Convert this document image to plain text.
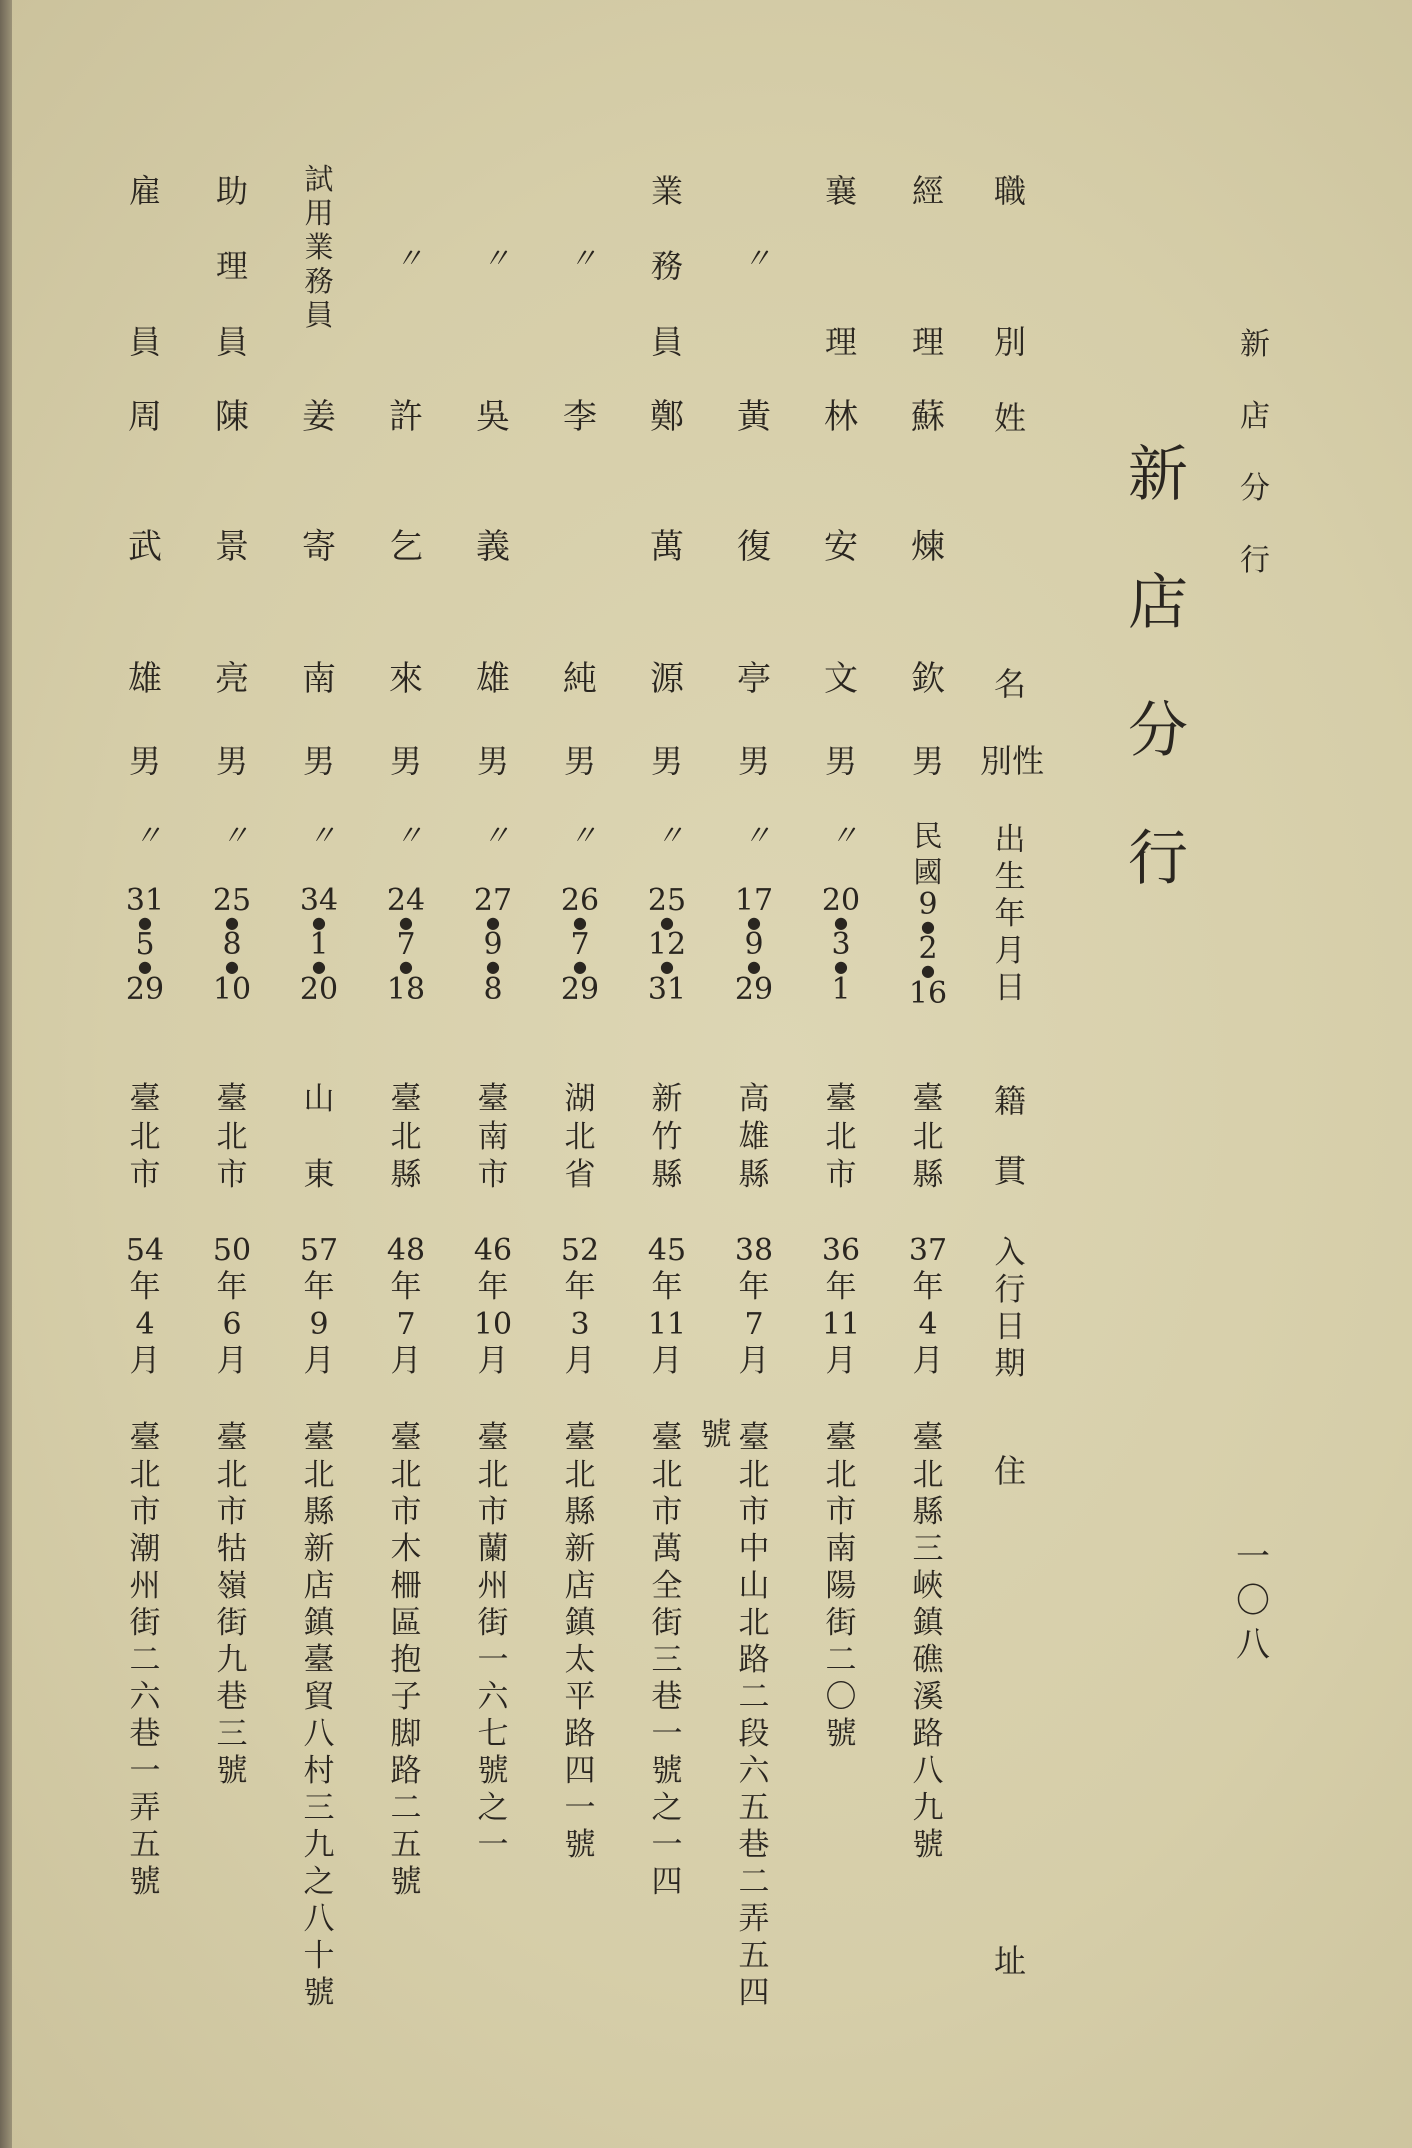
新
店
分
行
一
〇
八
新
店
分
行
職
別
姓
名
別性
出
生
年
月
日
籍
貫
入
行
日
期
住
址
經
理
蘇
煉
欽
男
民
國
9
●
2
●
16
臺
北
縣
37
年
4
月
臺
北
縣
三
峽
鎮
礁
溪
路
八
九
號
襄
理
林
安
文
男
〃
20
●
3
●
1
臺
北
市
36
年
11
月
臺
北
市
南
陽
街
二
〇
號
〃
黃
復
亭
男
〃
17
●
9
●
29
高
雄
縣
38
年
7
月
號 臺
北
市
中
山
北
路
二
段
六
五
巷
二
弄
五
四
業
務
員
鄭
萬
源
男
〃
25
●
12
●
31
新
竹
縣
45
年
11
月
臺
北
市
萬
全
街
三
巷
一
號
之
一
四
〃
李
純
男
〃
26
●
7
●
29
湖
北
省
52
年
3
月
臺
北
縣
新
店
鎮
太
平
路
四
一
號
〃
吳
義
雄
男
〃
27
●
9
●
8
臺
南
市
46
年
10
月
臺
北
市
蘭
州
街
一
六
七
號
之
一
〃
許
乞
來
男
〃
24
●
7
●
18
臺
北
縣
48
年
7
月
臺
北
市
木
柵
區
抱
子
脚
路
二
五
號
試
用
業
務
員
姜
寄
南
男
〃
34
●
1
●
20
山
東
57
年
9
月
臺
北
縣
新
店
鎮
臺
貿
八
村
三
九
之
八
十
號
助
理
員
陳
景
亮
男
〃
25
●
8
●
10
臺
北
市
50
年
6
月
臺
北
市
牯
嶺
街
九
巷
三
號
雇
員
周
武
雄
男
〃
31
●
5
●
29
臺
北
市
54
年
4
月
臺
北
市
潮
州
街
二
六
巷
一
弄
五
號
